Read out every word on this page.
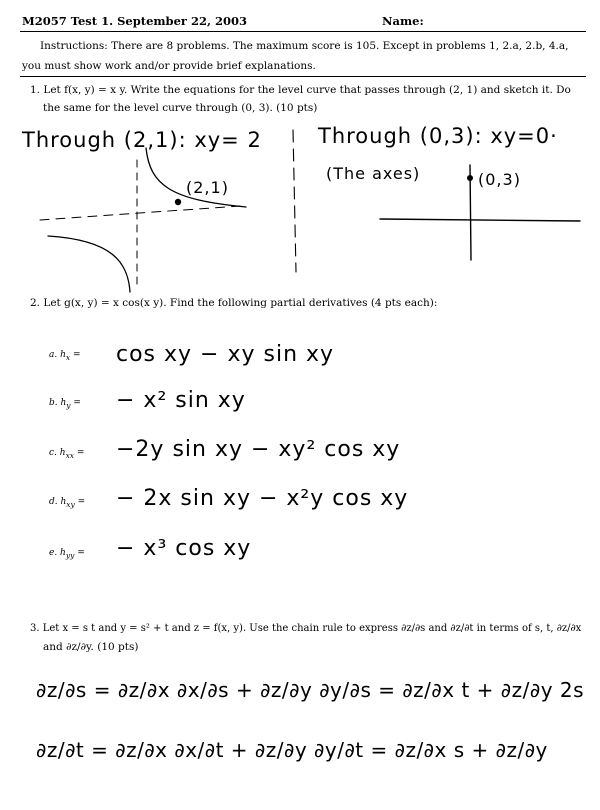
M2057 Test 1. September 22, 2003	Name:
Instructions: There are 8 problems. The maximum score is 105. Except in problems 1, 2.a, 2.b, 4.a,
you must show work and/or provide brief explanations.
1. Let f(x, y) = x y. Write the equations for the level curve that passes through (2, 1) and sketch it. Do
the same for the level curve through (0, 3). (10 pts)
Through (2,1): xy= 2
(2,1)
Through (0,3): xy=0·
(The axes)	(0,3)
2. Let g(x, y) = x cos(x y). Find the following partial derivatives (4 pts each):
a. $h_x = \cos$ xy − xy sin xy
b. $h_y$ = − x² sin xy
c. $h_{xx} = -2y$ sin xy − xy² cos xy
d. $h_{xy}$ = − 2x sin xy − x²y cos xy
e. $h_{yy}$ = − x³ cos xy
3. Let x = s t and y = s² + t and z = f(x, y). Use the chain rule to express ∂z/∂s and ∂z/∂t in terms of s, t, ∂z/∂x
and ∂z/∂y. (10 pts)
∂z/∂s = ∂z/∂x ∂x/∂s + ∂z/∂y ∂y/∂s = ∂z/∂x t + ∂z/∂y 2s
∂z/∂t = ∂z/∂x ∂x/∂t + ∂z/∂y ∂y/∂t = ∂z/∂x s + ∂z/∂y
